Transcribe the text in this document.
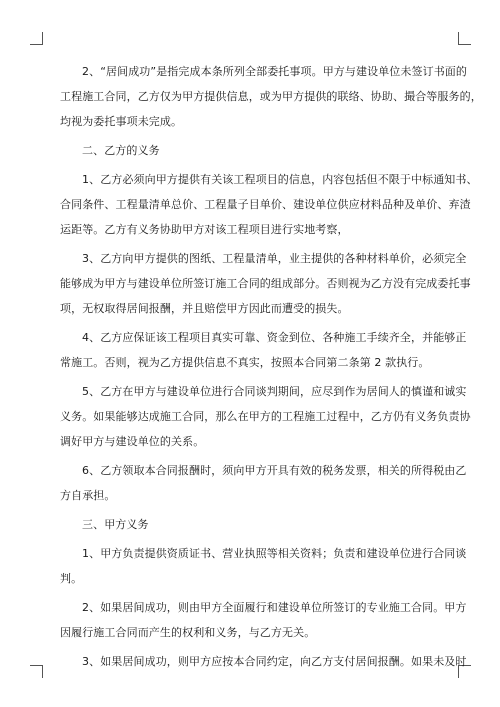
2、“居间成功”是指完成本条所列全部委托事项。甲方与建设单位未签订书面的
工程施工合同，乙方仅为甲方提供信息，或为甲方提供的联络、协助、撮合等服务的，
均视为委托事项未完成。
二、乙方的义务
1、乙方必须向甲方提供有关该工程项目的信息，内容包括但不限于中标通知书、
合同条件、工程量清单总价、工程量子目单价、建设单位供应材料品种及单价、弃渣
运距等。乙方有义务协助甲方对该工程项目进行实地考察，
3、乙方向甲方提供的图纸、工程量清单，业主提供的各种材料单价，必须完全
能够成为甲方与建设单位所签订施工合同的组成部分。否则视为乙方没有完成委托事
项，无权取得居间报酬，并且赔偿甲方因此而遭受的损失。
4、乙方应保证该工程项目真实可靠、资金到位、各种施工手续齐全，并能够正
常施工。否则，视为乙方提供信息不真实，按照本合同第二条第 2 款执行。
5、乙方在甲方与建设单位进行合同谈判期间，应尽到作为居间人的慎谨和诚实
义务。如果能够达成施工合同，那么在甲方的工程施工过程中，乙方仍有义务负责协
调好甲方与建设单位的关系。
6、乙方领取本合同报酬时，须向甲方开具有效的税务发票，相关的所得税由乙
方自承担。
三、甲方义务
1、甲方负责提供资质证书、营业执照等相关资料；负责和建设单位进行合同谈
判。
2、如果居间成功，则由甲方全面履行和建设单位所签订的专业施工合同。甲方
因履行施工合同而产生的权利和义务，与乙方无关。
3、如果居间成功，则甲方应按本合同约定，向乙方支付居间报酬。如果未及时
